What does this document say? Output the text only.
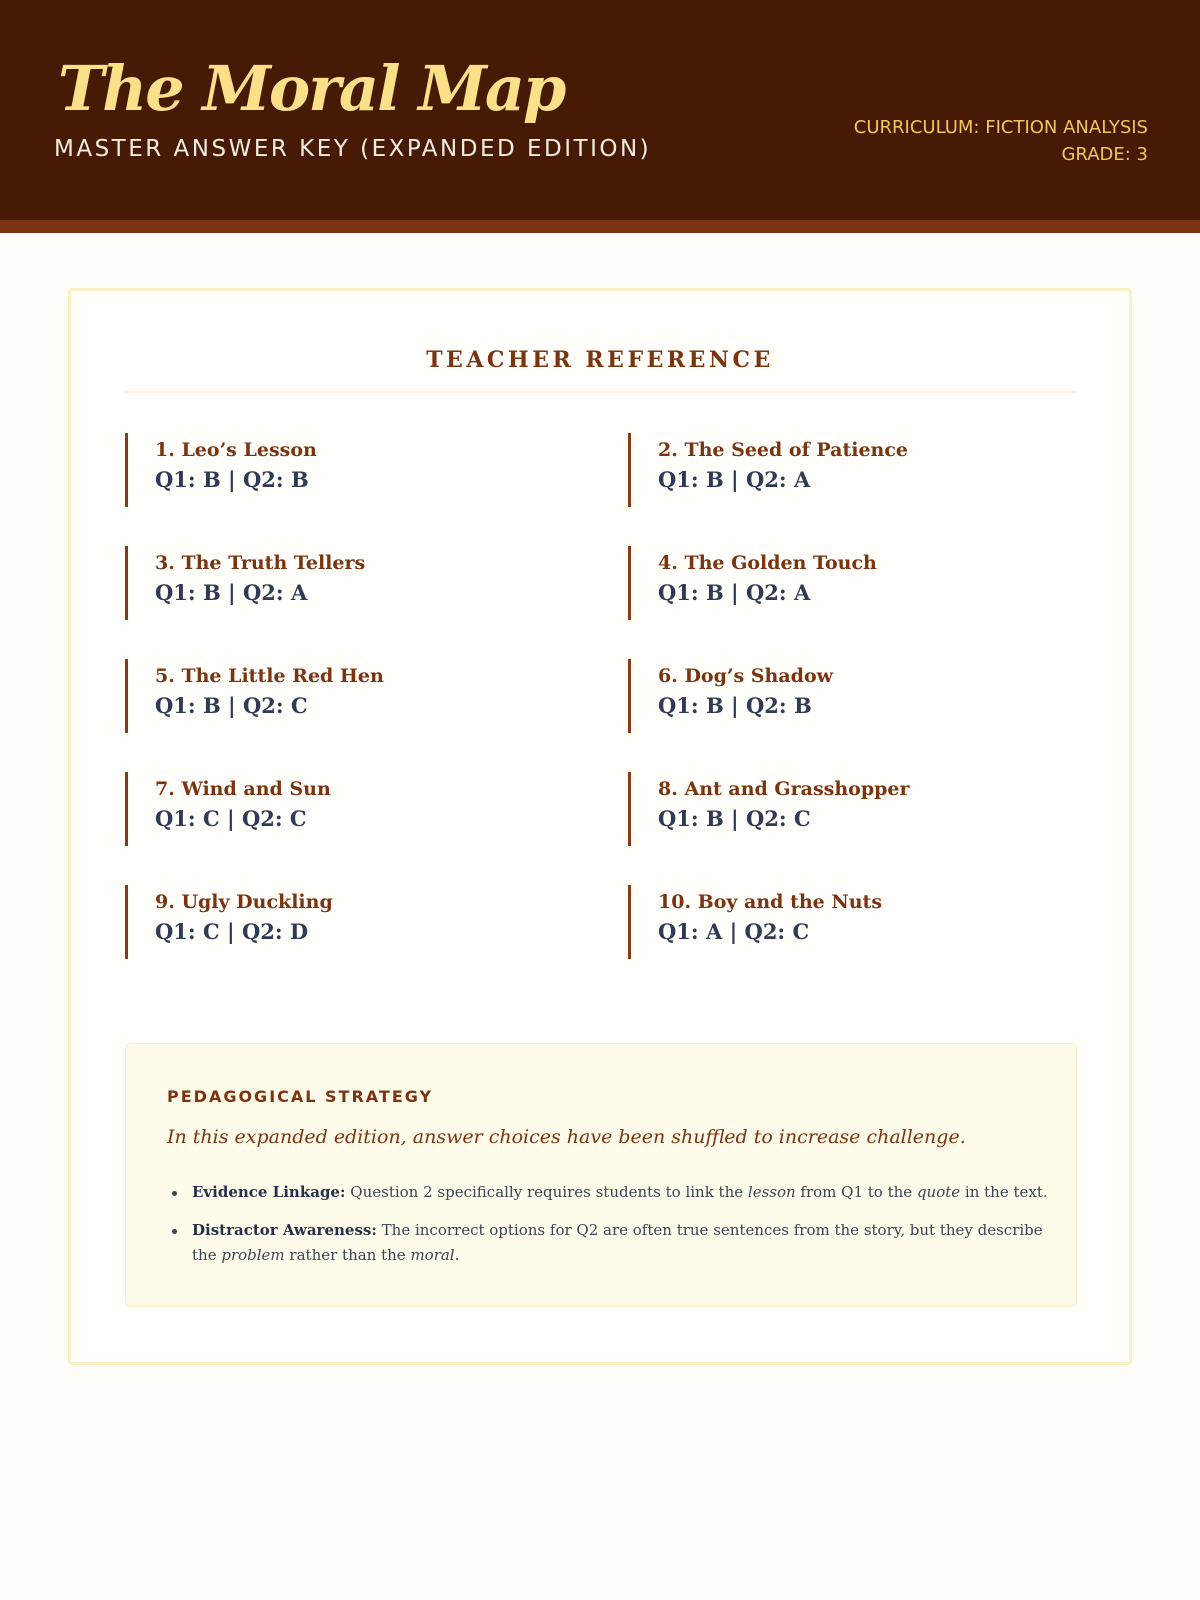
The Moral Map
MASTER ANSWER KEY (EXPANDED EDITION)
CURRICULUM: FICTION ANALYSIS
GRADE: 3
TEACHER REFERENCE
1. Leo’s Lesson
Q1: B | Q2: B
2. The Seed of Patience
Q1: B | Q2: A
3. The Truth Tellers
Q1: B | Q2: A
4. The Golden Touch
Q1: B | Q2: A
5. The Little Red Hen
Q1: B | Q2: C
6. Dog’s Shadow
Q1: B | Q2: B
7. Wind and Sun
Q1: C | Q2: C
8. Ant and Grasshopper
Q1: B | Q2: C
9. Ugly Duckling
Q1: C | Q2: D
10. Boy and the Nuts
Q1: A | Q2: C
PEDAGOGICAL STRATEGY
In this expanded edition, answer choices have been shuffled to increase challenge.
Evidence Linkage: Question 2 specifically requires students to link the lesson from Q1 to the quote in the text.
Distractor Awareness: The incorrect options for Q2 are often true sentences from the story, but they describe the problem rather than the moral.
